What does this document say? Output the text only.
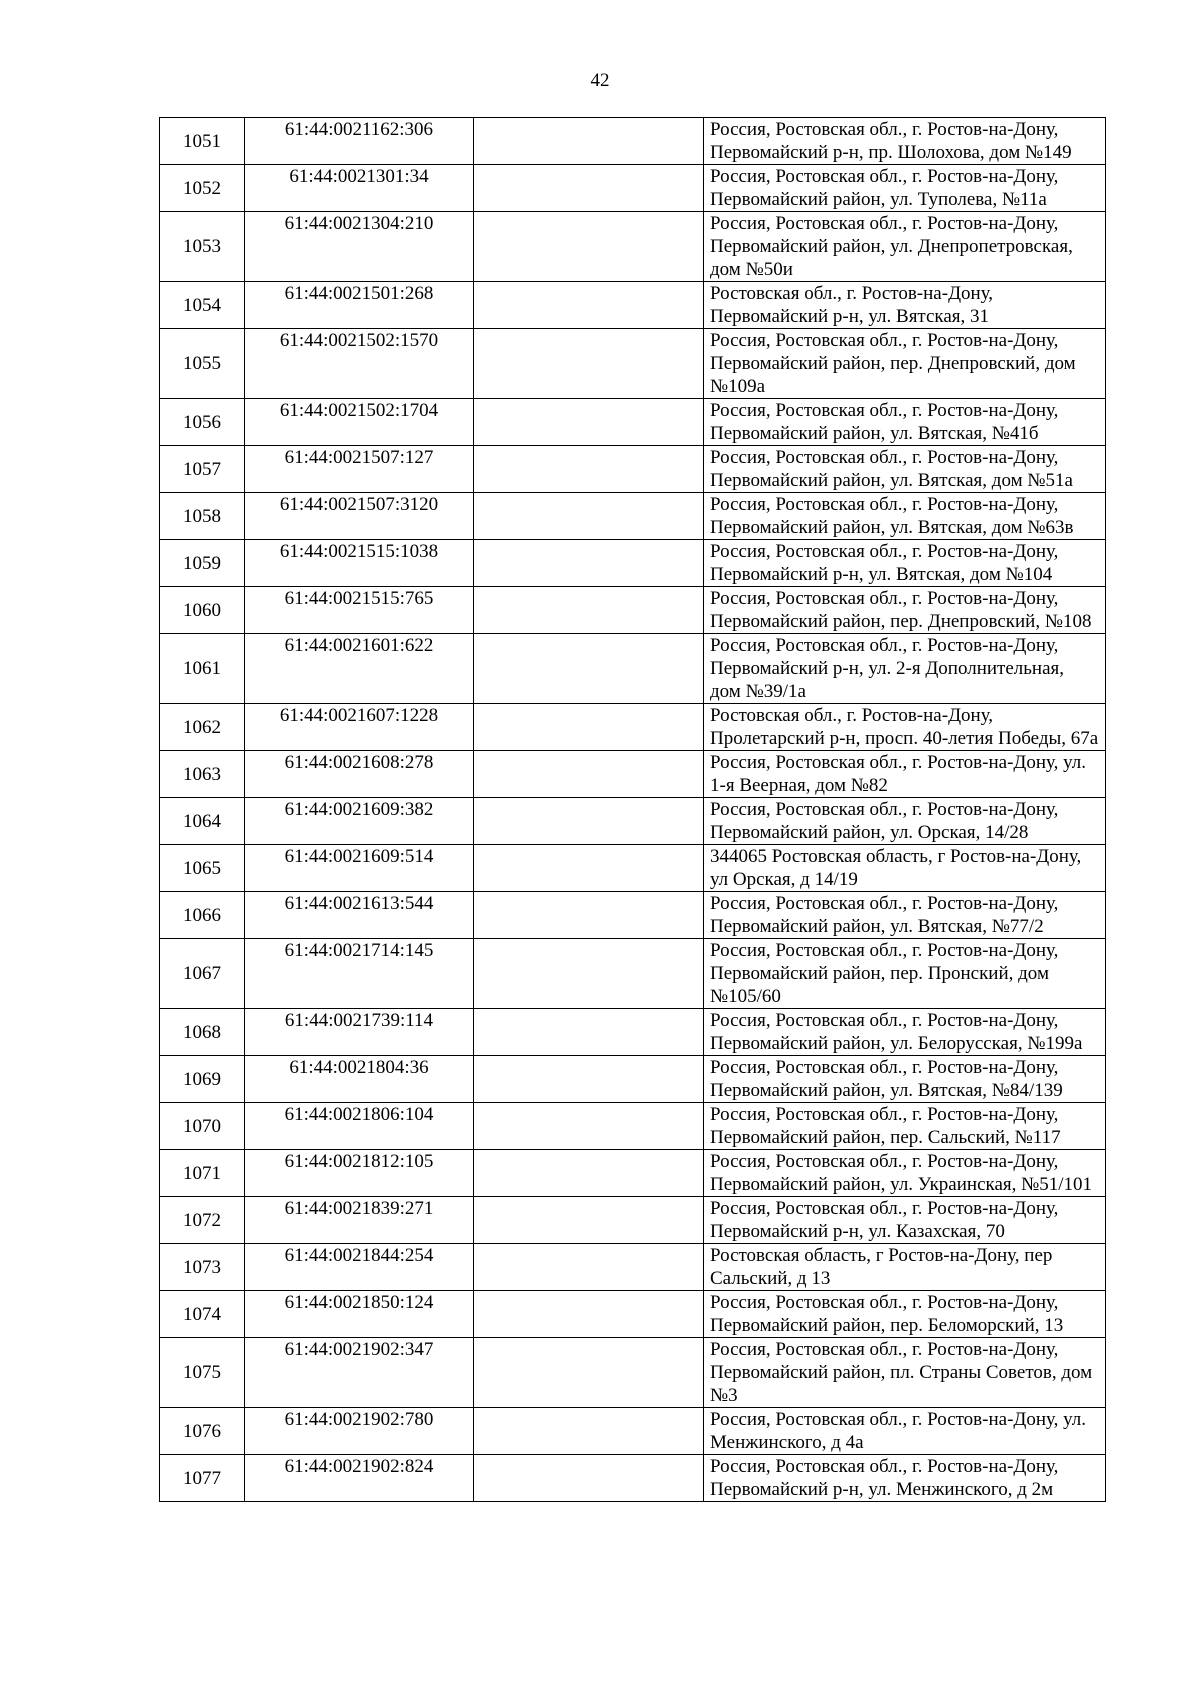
42
1051	61:44:0021162:306		Россия, Ростовская обл., г. Ростов-на-Дону, Первомайский р-н, пр. Шолохова, дом №149
1052	61:44:0021301:34		Россия, Ростовская обл., г. Ростов-на-Дону, Первомайский район, ул. Туполева, №11а
1053	61:44:0021304:210		Россия, Ростовская обл., г. Ростов-на-Дону, Первомайский район, ул. Днепропетровская, дом №50и
1054	61:44:0021501:268		Ростовская обл., г. Ростов-на-Дону, Первомайский р-н, ул. Вятская, 31
1055	61:44:0021502:1570		Россия, Ростовская обл., г. Ростов-на-Дону, Первомайский район, пер. Днепровский, дом №109а
1056	61:44:0021502:1704		Россия, Ростовская обл., г. Ростов-на-Дону, Первомайский район, ул. Вятская, №41б
1057	61:44:0021507:127		Россия, Ростовская обл., г. Ростов-на-Дону, Первомайский район, ул. Вятская, дом №51а
1058	61:44:0021507:3120		Россия, Ростовская обл., г. Ростов-на-Дону, Первомайский район, ул. Вятская, дом №63в
1059	61:44:0021515:1038		Россия, Ростовская обл., г. Ростов-на-Дону, Первомайский р-н, ул. Вятская, дом №104
1060	61:44:0021515:765		Россия, Ростовская обл., г. Ростов-на-Дону, Первомайский район, пер. Днепровский, №108
1061	61:44:0021601:622		Россия, Ростовская обл., г. Ростов-на-Дону, Первомайский р-н, ул. 2-я Дополнительная, дом №39/1а
1062	61:44:0021607:1228		Ростовская обл., г. Ростов-на-Дону, Пролетарский р-н, просп. 40-летия Победы, 67а
1063	61:44:0021608:278		Россия, Ростовская обл., г. Ростов-на-Дону, ул. 1-я Веерная, дом №82
1064	61:44:0021609:382		Россия, Ростовская обл., г. Ростов-на-Дону, Первомайский район, ул. Орская, 14/28
1065	61:44:0021609:514		344065 Ростовская область, г Ростов-на-Дону, ул Орская, д 14/19
1066	61:44:0021613:544		Россия, Ростовская обл., г. Ростов-на-Дону, Первомайский район, ул. Вятская, №77/2
1067	61:44:0021714:145		Россия, Ростовская обл., г. Ростов-на-Дону, Первомайский район, пер. Пронский, дом №105/60
1068	61:44:0021739:114		Россия, Ростовская обл., г. Ростов-на-Дону, Первомайский район, ул. Белорусская, №199а
1069	61:44:0021804:36		Россия, Ростовская обл., г. Ростов-на-Дону, Первомайский район, ул. Вятская, №84/139
1070	61:44:0021806:104		Россия, Ростовская обл., г. Ростов-на-Дону, Первомайский район, пер. Сальский, №117
1071	61:44:0021812:105		Россия, Ростовская обл., г. Ростов-на-Дону, Первомайский район, ул. Украинская, №51/101
1072	61:44:0021839:271		Россия, Ростовская обл., г. Ростов-на-Дону, Первомайский р-н, ул. Казахская, 70
1073	61:44:0021844:254		Ростовская область, г Ростов-на-Дону, пер Сальский, д 13
1074	61:44:0021850:124		Россия, Ростовская обл., г. Ростов-на-Дону, Первомайский район, пер. Беломорский, 13
1075	61:44:0021902:347		Россия, Ростовская обл., г. Ростов-на-Дону, Первомайский район, пл. Страны Советов, дом №3
1076	61:44:0021902:780		Россия, Ростовская обл., г. Ростов-на-Дону, ул. Менжинского, д 4а
1077	61:44:0021902:824		Россия, Ростовская обл., г. Ростов-на-Дону, Первомайский р-н, ул. Менжинского, д 2м
